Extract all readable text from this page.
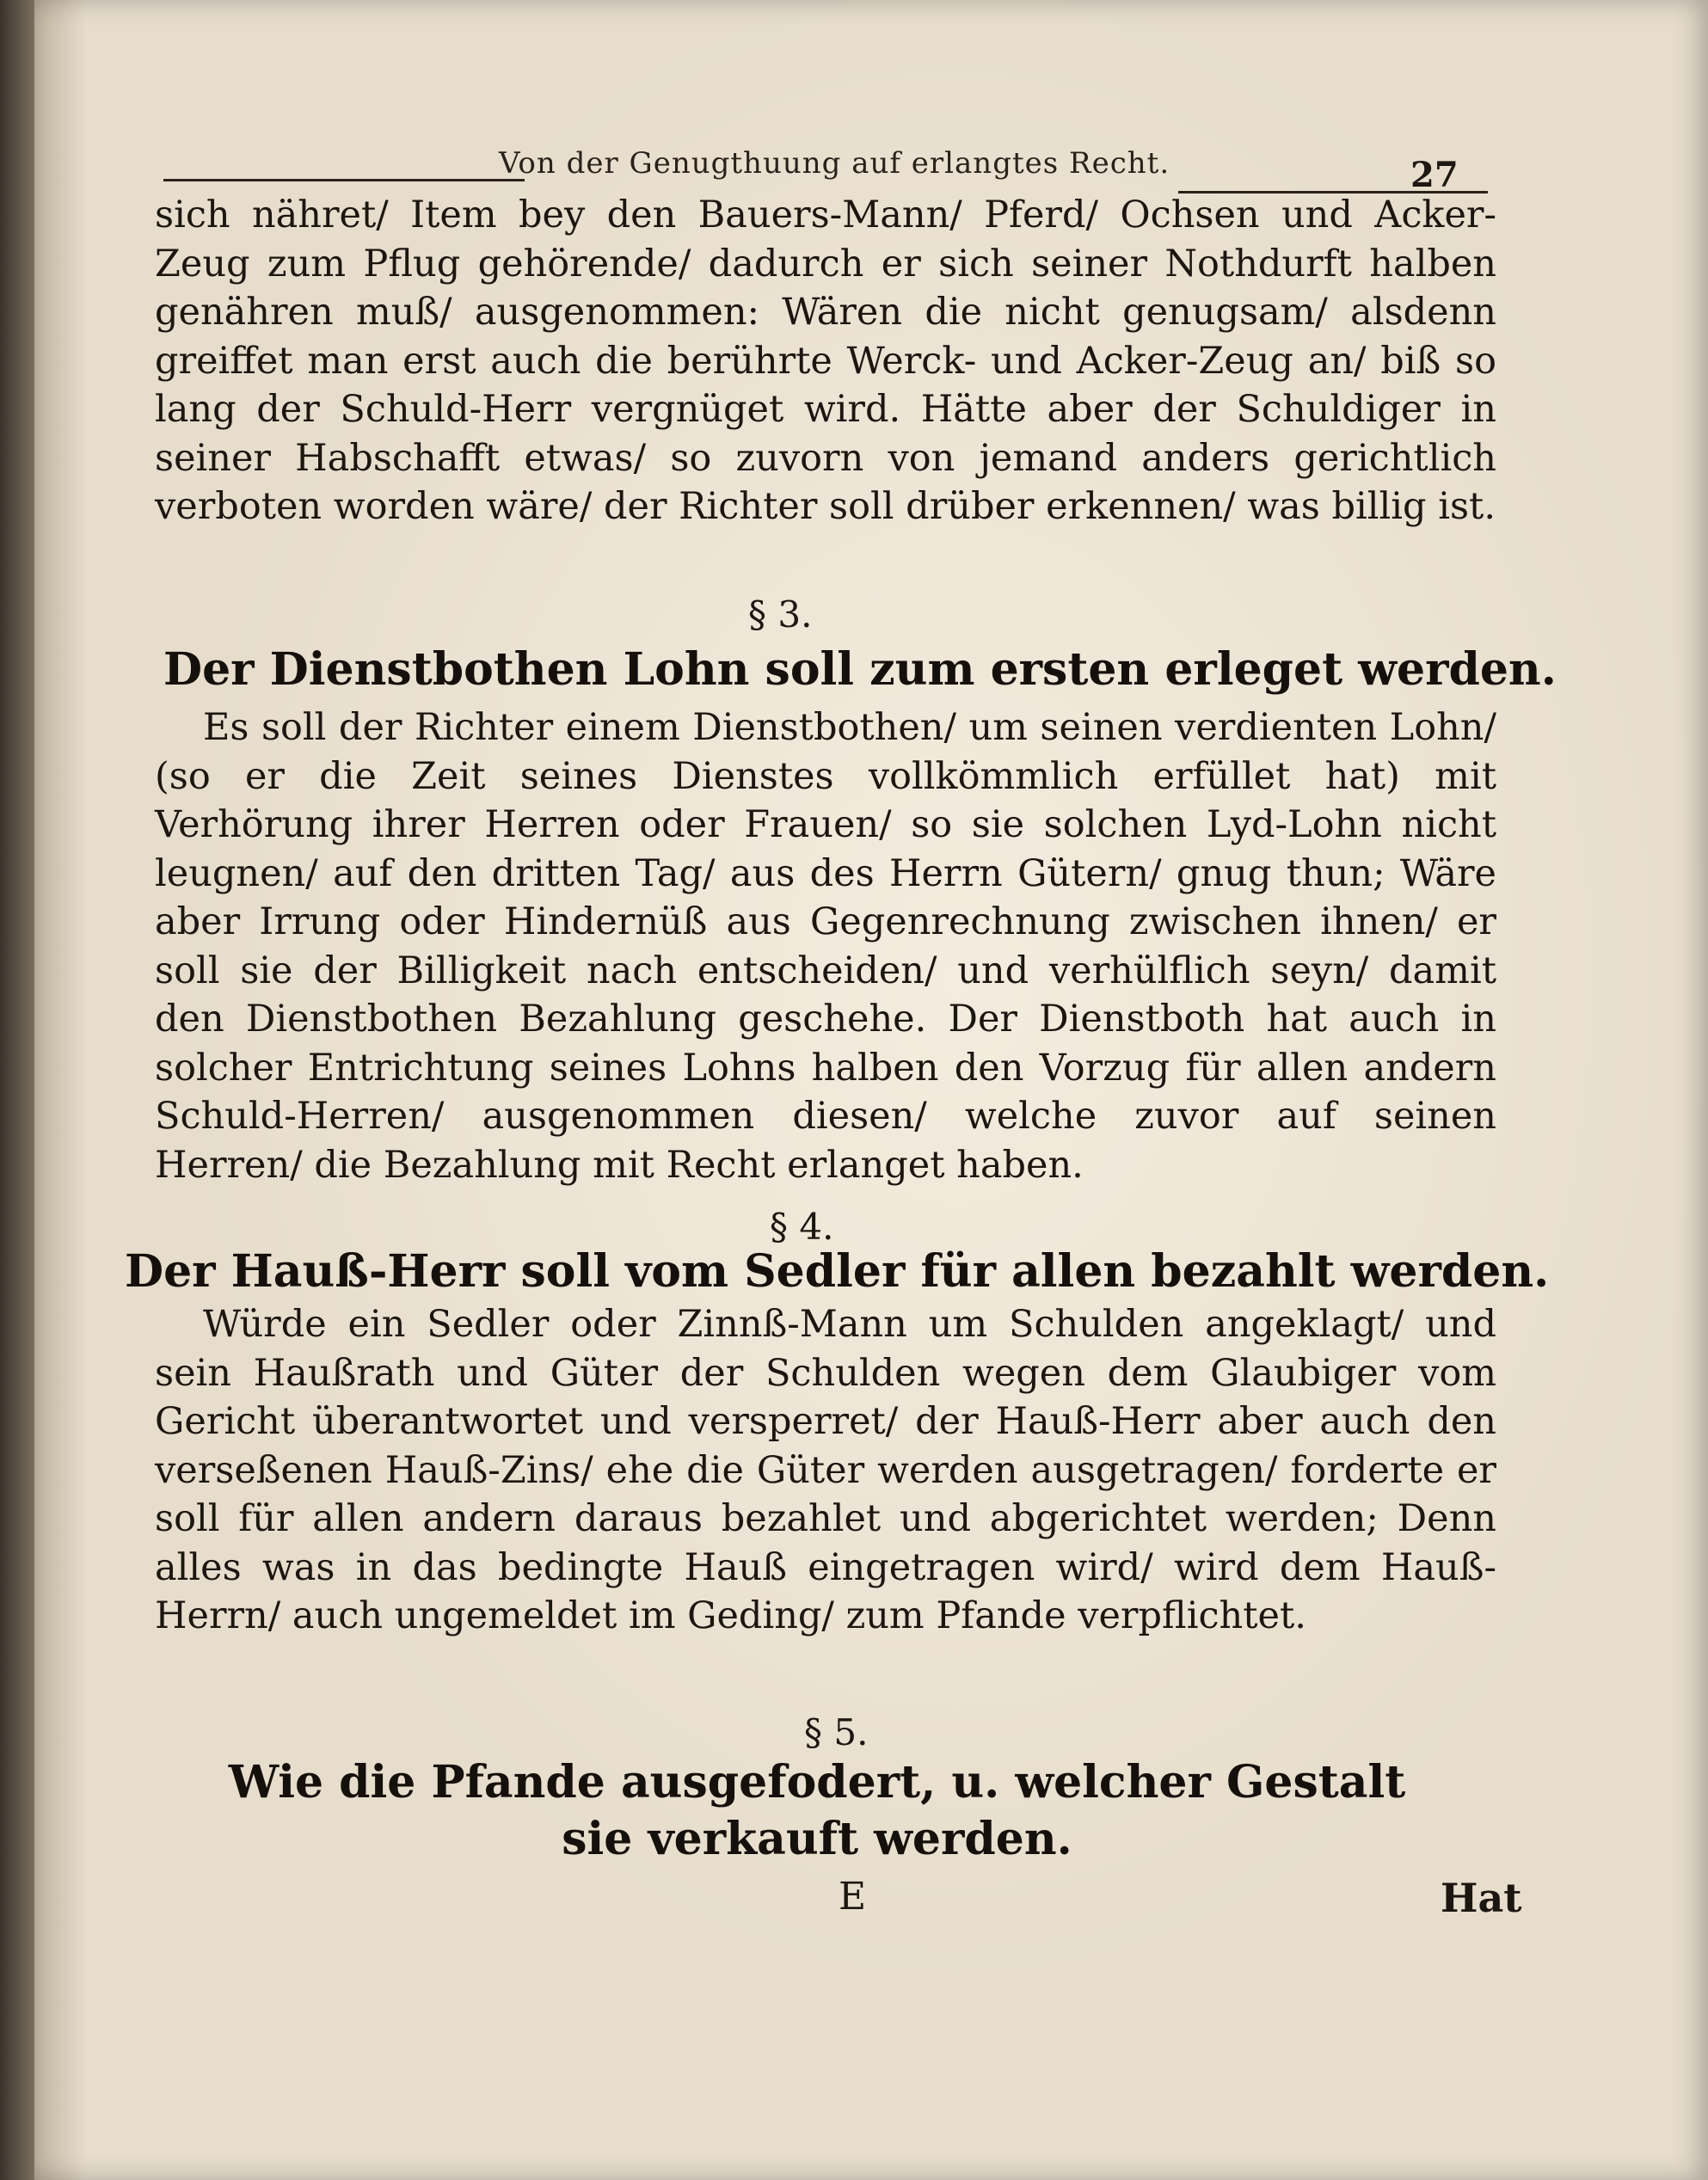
Von der Genugthuung auf erlangtes Recht.	27
sich nähret/ Item bey den Bauers-Mann/ Pferd/ Ochsen und Acker-Zeug zum Pflug gehörende/ dadurch er sich seiner Nothdurft halben genähren muß/ ausgenommen: Wären die nicht genugsam/ alsdenn greiffet man erst auch die berührte Werck- und Acker-Zeug an/ biß so lang der Schuld-Herr vergnüget wird. Hätte aber der Schuldiger in seiner Habschafft etwas/ so zuvorn von jemand anders gerichtlich verboten worden wäre/ der Richter soll drüber erkennen/ was billig ist.
§ 3.
Der Dienstbothen Lohn soll zum ersten erleget werden.
Es soll der Richter einem Dienstbothen/ um seinen verdienten Lohn/ (so er die Zeit seines Dienstes vollkömmlich erfüllet hat) mit Verhörung ihrer Herren oder Frauen/ so sie solchen Lyd-Lohn nicht leugnen/ auf den dritten Tag/ aus des Herrn Gütern/ gnug thun; Wäre aber Irrung oder Hindernüß aus Gegenrechnung zwischen ihnen/ er soll sie der Billigkeit nach entscheiden/ und verhülflich seyn/ damit den Dienstbothen Bezahlung geschehe. Der Dienstboth hat auch in solcher Entrichtung seines Lohns halben den Vorzug für allen andern Schuld-Herren/ ausgenommen diesen/ welche zuvor auf seinen Herren/ die Bezahlung mit Recht erlanget haben.
§ 4.
Der Hauß-Herr soll vom Sedler für allen bezahlt werden.
Würde ein Sedler oder Zinnß-Mann um Schulden angeklagt/ und sein Haußrath und Güter der Schulden wegen dem Glaubiger vom Gericht überantwortet und versperret/ der Hauß-Herr aber auch den verseßenen Hauß-Zins/ ehe die Güter werden ausgetragen/ forderte er soll für allen andern daraus bezahlet und abgerichtet werden; Denn alles was in das bedingte Hauß eingetragen wird/ wird dem Hauß-Herrn/ auch ungemeldet im Geding/ zum Pfande verpflichtet.
§ 5.
Wie die Pfande ausgefodert, u. welcher Gestalt sie verkauft werden.
E	Hat
